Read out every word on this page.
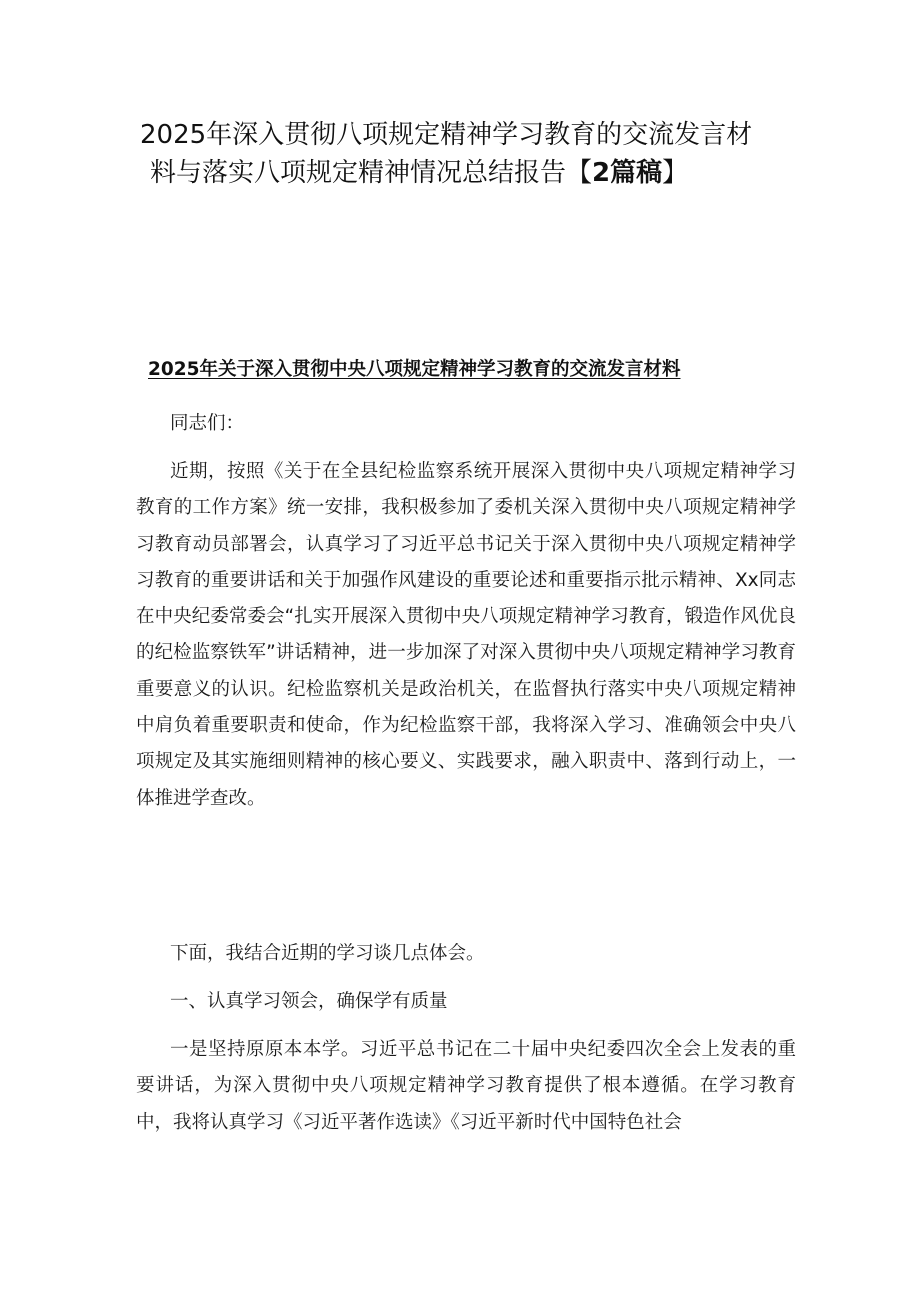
2025年深入贯彻八项规定精神学习教育的交流发言材
料与落实八项规定精神情况总结报告【2篇稿】
2025年关于深入贯彻中央八项规定精神学习教育的交流发言材料

同志们：

近期，按照《关于在全县纪检监察系统开展深入贯彻中央八项规定精神学习教育的工作方案》统一安排，我积极参加了委机关深入贯彻中央八项规定精神学习教育动员部署会，认真学习了习近平总书记关于深入贯彻中央八项规定精神学习教育的重要讲话和关于加强作风建设的重要论述和重要指示批示精神、Xx同志在中央纪委常委会“扎实开展深入贯彻中央八项规定精神学习教育，锻造作风优良的纪检监察铁军”讲话精神，进一步加深了对深入贯彻中央八项规定精神学习教育重要意义的认识。纪检监察机关是政治机关，在监督执行落实中央八项规定精神中肩负着重要职责和使命，作为纪检监察干部，我将深入学习、准确领会中央八项规定及其实施细则精神的核心要义、实践要求，融入职责中、落到行动上，一体推进学查改。

下面，我结合近期的学习谈几点体会。

一、认真学习领会，确保学有质量

一是坚持原原本本学。习近平总书记在二十届中央纪委四次全会上发表的重要讲话，为深入贯彻中央八项规定精神学习教育提供了根本遵循。在学习教育中，我将认真学习《习近平著作选读》《习近平新时代中国特色社会
